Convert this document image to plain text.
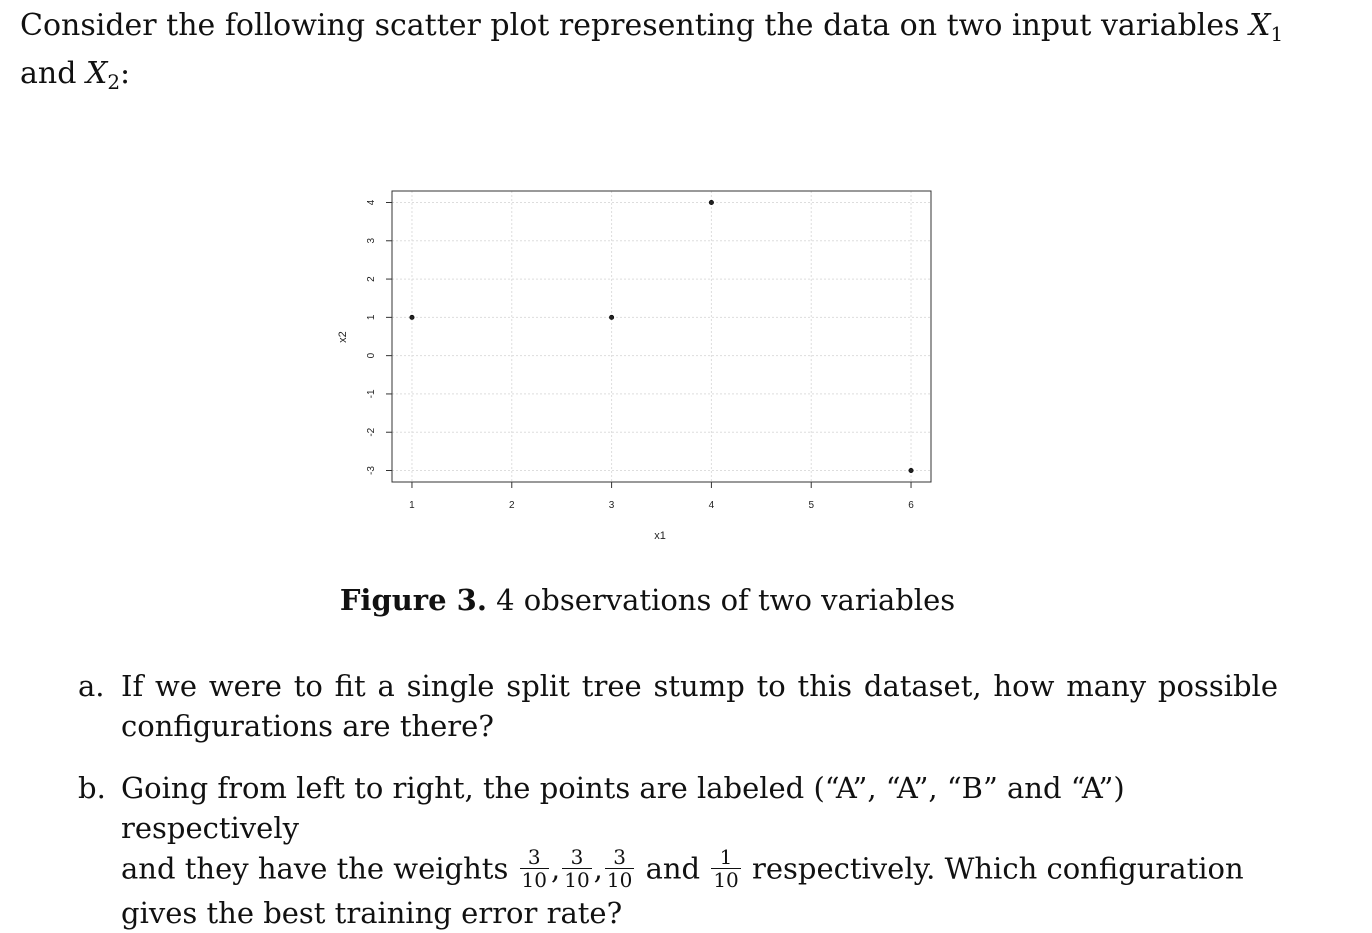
Consider the following scatter plot representing the data on two input variables $X_1$ and $X_2$:
1	2	3	4	5	6
-3
-2
-1
0
1
2
3
4
x1
x2
Figure 3. 4 observations of two variables
a. If we were to fit a single split tree stump to this dataset, how many possible configurations are there?
b. Going from left to right, the points are labeled (“A”, “A”, “B” and “A”) respectively
and they have the weights $\frac{3}{10}$ , $\frac{3}{10}$ , $\frac{3}{10}$ and $\frac{1}{10}$ respectively. Which configuration
gives the best training error rate?
